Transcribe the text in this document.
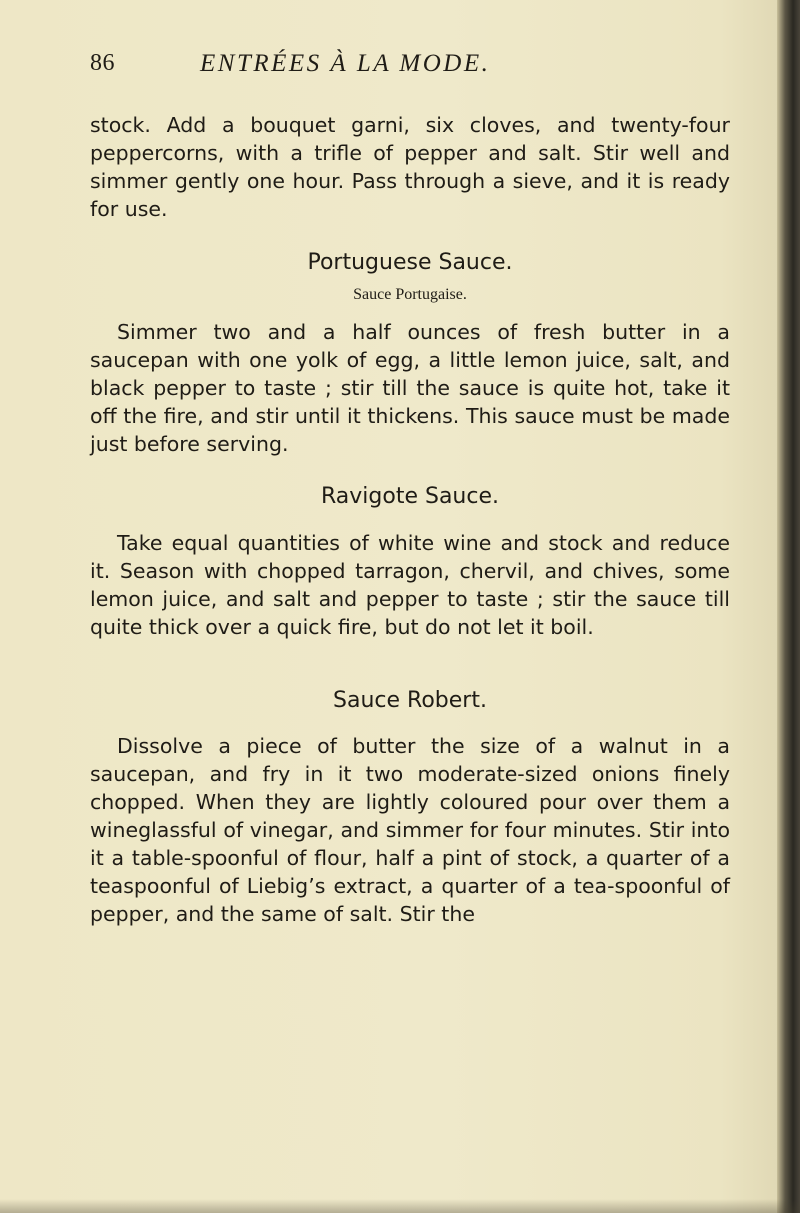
86	ENTRÉES À LA MODE.

stock. Add a bouquet garni, six cloves, and twenty-four peppercorns, with a trifle of pepper and salt. Stir well and simmer gently one hour. Pass through a sieve, and it is ready for use.

Portuguese Sauce.
Sauce Portugaise.

Simmer two and a half ounces of fresh butter in a saucepan with one yolk of egg, a little lemon juice, salt, and black pepper to taste ; stir till the sauce is quite hot, take it off the fire, and stir until it thickens. This sauce must be made just before serving.

Ravigote Sauce.

Take equal quantities of white wine and stock and reduce it. Season with chopped tarragon, chervil, and chives, some lemon juice, and salt and pepper to taste ; stir the sauce till quite thick over a quick fire, but do not let it boil.

Sauce Robert.

Dissolve a piece of butter the size of a walnut in a saucepan, and fry in it two moderate-sized onions finely chopped. When they are lightly coloured pour over them a wineglassful of vinegar, and simmer for four minutes. Stir into it a table-spoonful of flour, half a pint of stock, a quarter of a teaspoonful of Liebig’s extract, a quarter of a tea-spoonful of pepper, and the same of salt. Stir the
